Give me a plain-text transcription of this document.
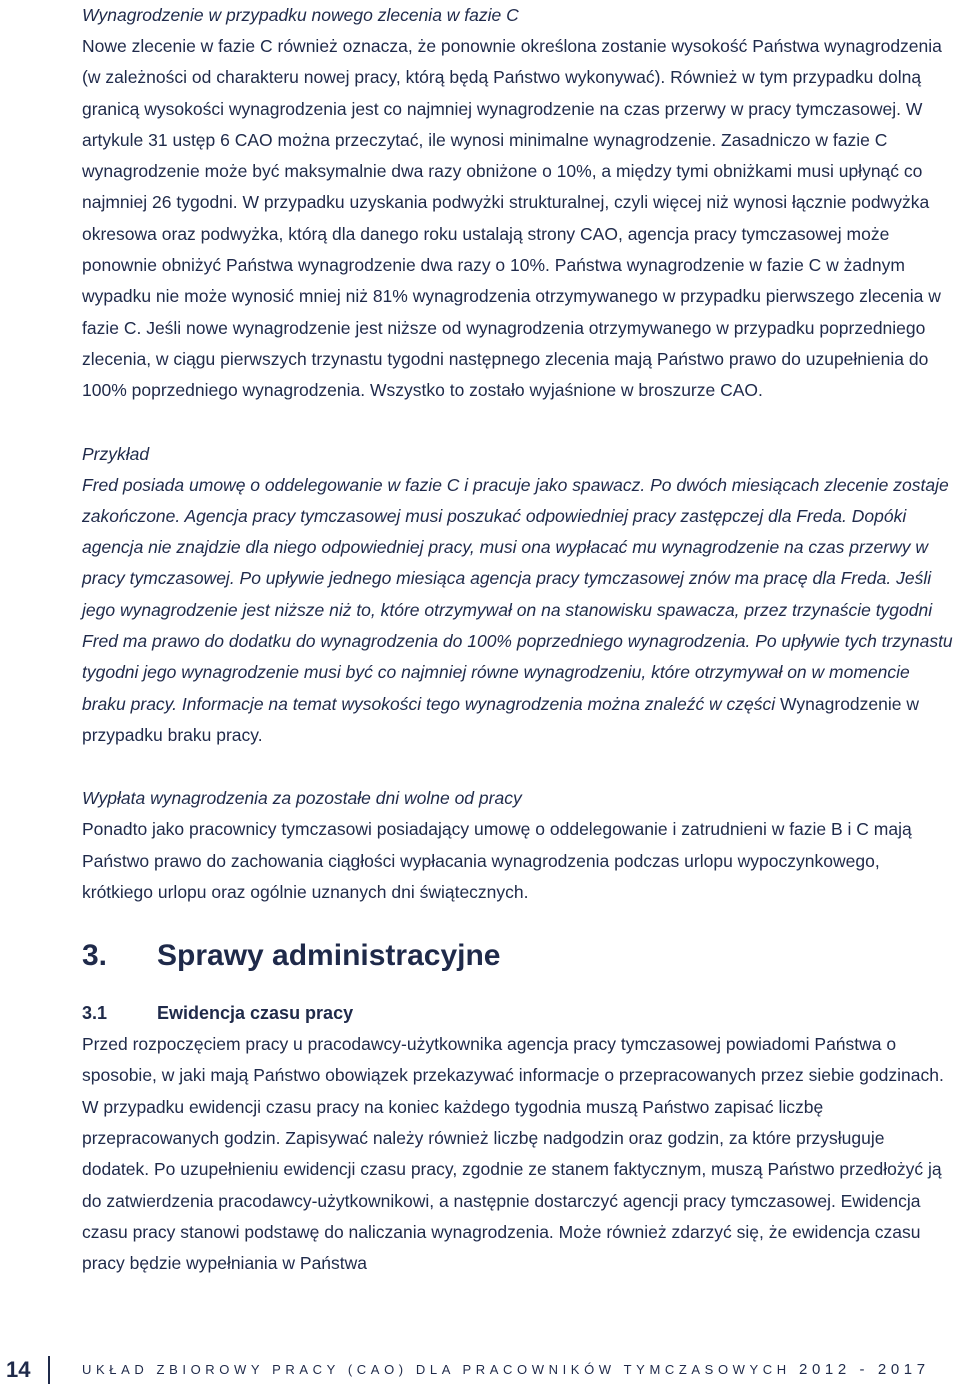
Wynagrodzenie w przypadku nowego zlecenia w fazie C

Nowe zlecenie w fazie C również oznacza, że ponownie określona zostanie wysokość Państwa wynagrodzenia (w zależności od charakteru nowej pracy, którą będą Państwo wykonywać). Również w tym przypadku dolną granicą wysokości wynagrodzenia jest co najmniej wynagrodzenie na czas przerwy w pracy tymczasowej. W artykule 31 ustęp 6 CAO można przeczytać, ile wynosi minimalne wynagrodzenie. Zasadniczo w fazie C wynagrodzenie może być maksymalnie dwa razy obniżone o 10%, a między tymi obniżkami musi upłynąć co najmniej 26 tygodni. W przypadku uzyskania podwyżki strukturalnej, czyli więcej niż wynosi łącznie podwyżka okresowa oraz podwyżka, którą dla danego roku ustalają strony CAO, agencja pracy tymczasowej może ponownie obniżyć Państwa wynagrodzenie dwa razy o 10%. Państwa wynagrodzenie w fazie C w żadnym wypadku nie może wynosić mniej niż 81% wynagrodzenia otrzymywanego w przypadku pierwszego zlecenia w fazie C. Jeśli nowe wynagrodzenie jest niższe od wynagrodzenia otrzymywanego w przypadku poprzedniego zlecenia, w ciągu pierwszych trzynastu tygodni następnego zlecenia mają Państwo prawo do uzupełnienia do 100% poprzedniego wynagrodzenia. Wszystko to zostało wyjaśnione w broszurze CAO.

Przykład

Fred posiada umowę o oddelegowanie w fazie C i pracuje jako spawacz. Po dwóch miesiącach zlecenie zostaje zakończone. Agencja pracy tymczasowej musi poszukać odpowiedniej pracy zastępczej dla Freda. Dopóki agencja nie znajdzie dla niego odpowiedniej pracy, musi ona wypłacać mu wynagrodzenie na czas przerwy w pracy tymczasowej. Po upływie jednego miesiąca agencja pracy tymczasowej znów ma pracę dla Freda. Jeśli jego wynagrodzenie jest niższe niż to, które otrzymywał on na stanowisku spawacza, przez trzynaście tygodni Fred ma prawo do dodatku do wynagrodzenia do 100% poprzedniego wynagrodzenia. Po upływie tych trzynastu tygodni jego wynagrodzenie musi być co najmniej równe wynagrodzeniu, które otrzymywał on w momencie braku pracy. Informacje na temat wysokości tego wynagrodzenia można znaleźć w części Wynagrodzenie w przypadku braku pracy.

Wypłata wynagrodzenia za pozostałe dni wolne od pracy

Ponadto jako pracownicy tymczasowi posiadający umowę o oddelegowanie i zatrudnieni w fazie B i C mają Państwo prawo do zachowania ciągłości wypłacania wynagrodzenia podczas urlopu wypoczynkowego, krótkiego urlopu oraz ogólnie uznanych dni świątecznych.

3.	Sprawy administracyjne
3.1	Ewidencja czasu pracy

Przed rozpoczęciem pracy u pracodawcy-użytkownika agencja pracy tymczasowej powiadomi Państwa o sposobie, w jaki mają Państwo obowiązek przekazywać informacje o przepracowanych przez siebie godzinach. W przypadku ewidencji czasu pracy na koniec każdego tygodnia muszą Państwo zapisać liczbę przepracowanych godzin. Zapisywać należy również liczbę nadgodzin oraz godzin, za które przysługuje dodatek. Po uzupełnieniu ewidencji czasu pracy, zgodnie ze stanem faktycznym, muszą Państwo przedłożyć ją do zatwierdzenia pracodawcy-użytkownikowi, a następnie dostarczyć agencji pracy tymczasowej. Ewidencja czasu pracy stanowi podstawę do naliczania wynagrodzenia. Może również zdarzyć się, że ewidencja czasu pracy będzie wypełniania w Państwa

14	UKŁAD ZBIOROWY PRACY (CAO) DLA PRACOWNIKÓW TYMCZASOWYCH 2012 - 2017
